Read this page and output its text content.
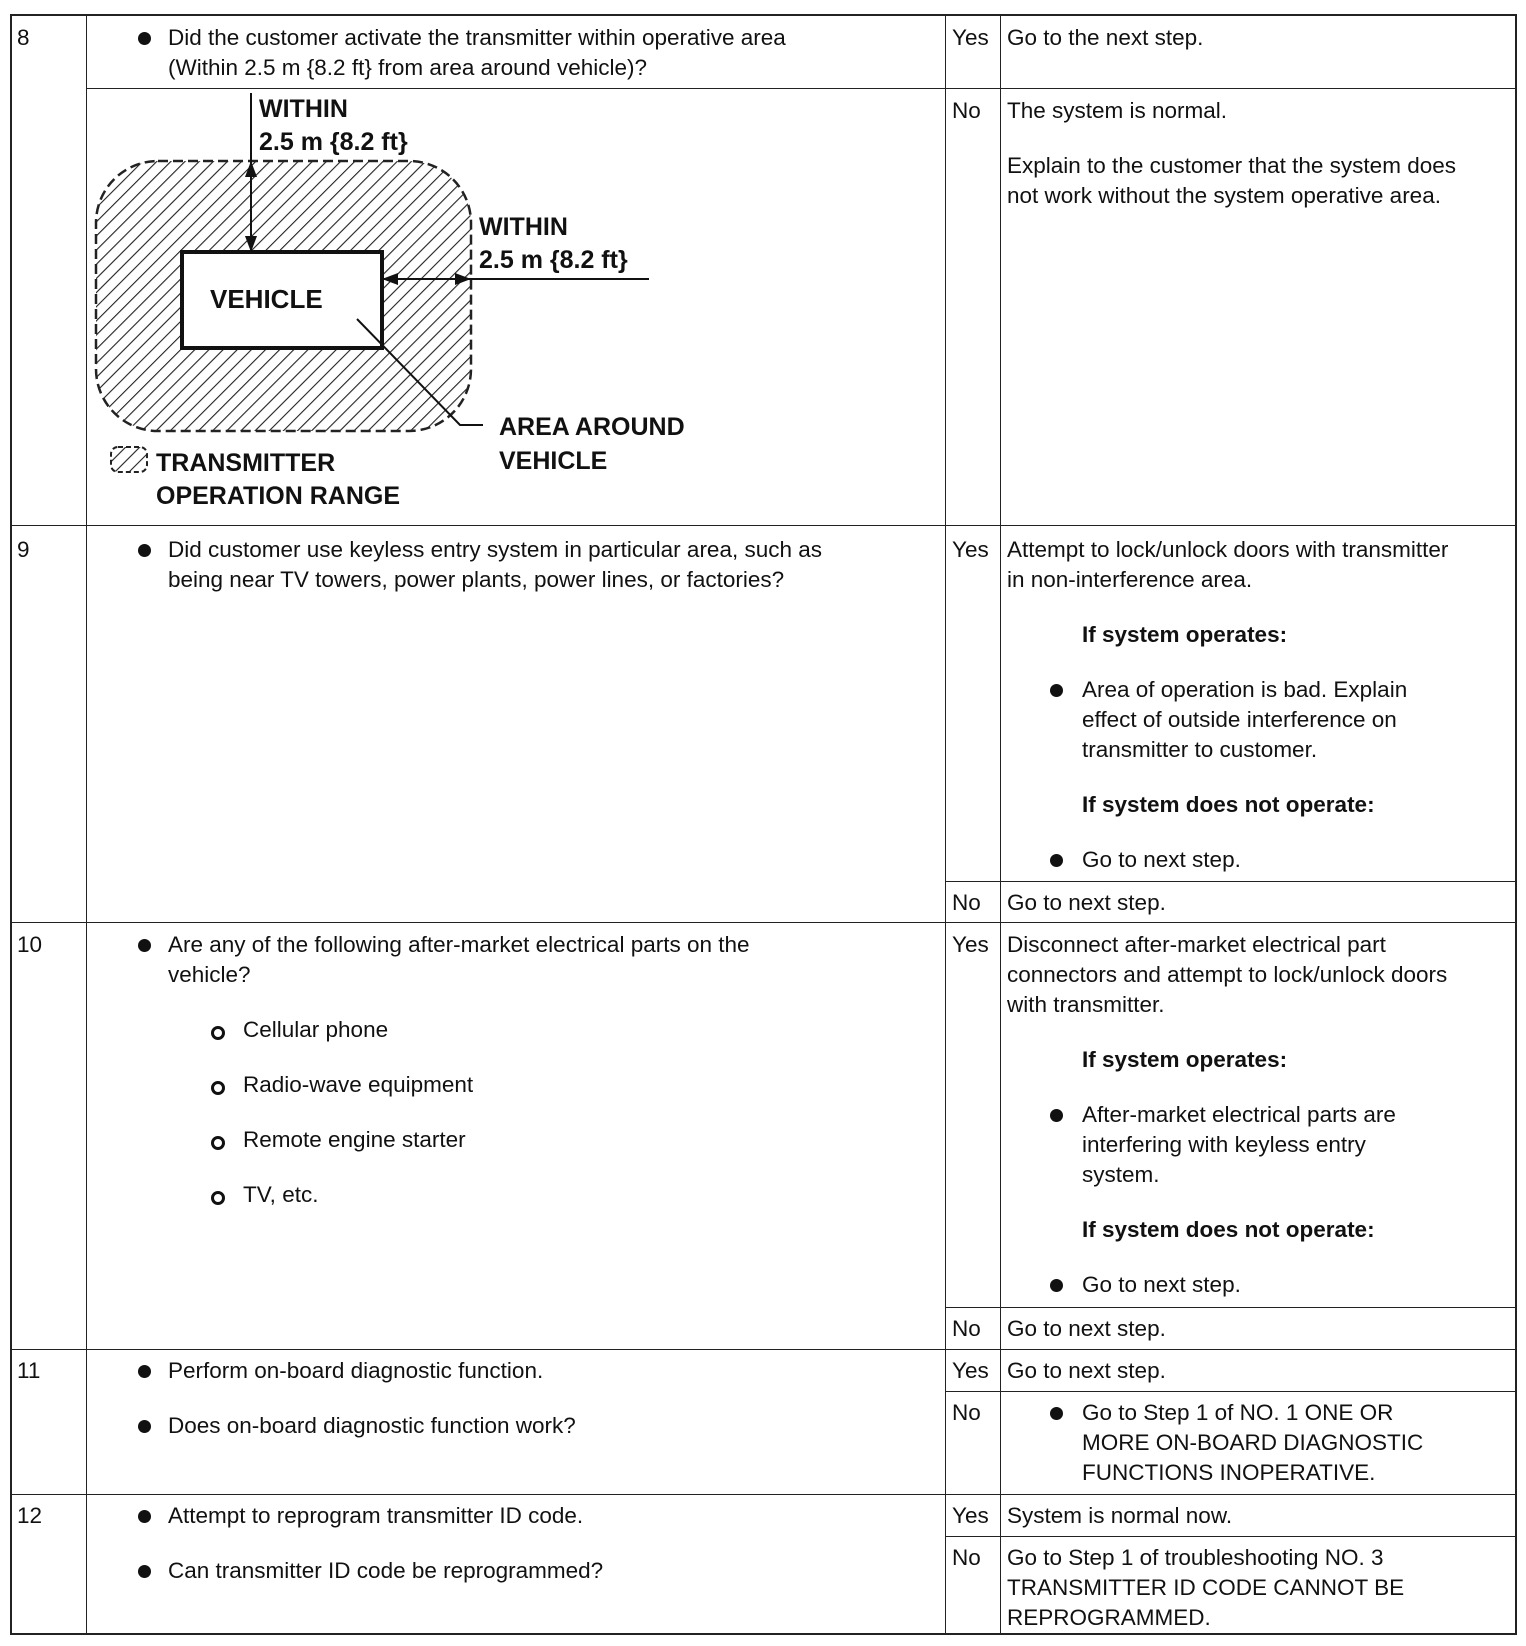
8	Did the customer activate the transmitter within operative area
(Within 2.5 m {8.2 ft} from area around vehicle)?
Yes Go to the next step.
No The system is normal.
Explain to the customer that the system does
not work without the system operative area.
WITHIN
2.5 m {8.2 ft}
WITHIN
2.5 m {8.2 ft}
VEHICLE
AREA AROUND
VEHICLE
TRANSMITTER
OPERATION RANGE
9	Did customer use keyless entry system in particular area, such as
being near TV towers, power plants, power lines, or factories?
Yes Attempt to lock/unlock doors with transmitter
in non-interference area.
If system operates:
Area of operation is bad. Explain
effect of outside interference on
transmitter to customer.
If system does not operate:
Go to next step.
No Go to next step.
10	Are any of the following after-market electrical parts on the
vehicle?
Cellular phone
Radio-wave equipment
Remote engine starter
TV, etc.
Yes Disconnect after-market electrical part
connectors and attempt to lock/unlock doors
with transmitter.
If system operates:
After-market electrical parts are
interfering with keyless entry
system.
If system does not operate:
Go to next step.
No Go to next step.
11	Perform on-board diagnostic function.
Does on-board diagnostic function work?
Yes Go to next step.
No	Go to Step 1 of NO. 1 ONE OR
MORE ON-BOARD DIAGNOSTIC
FUNCTIONS INOPERATIVE.
12	Attempt to reprogram transmitter ID code.
Can transmitter ID code be reprogrammed?
Yes System is normal now.
No Go to Step 1 of troubleshooting NO. 3
TRANSMITTER ID CODE CANNOT BE
REPROGRAMMED.
